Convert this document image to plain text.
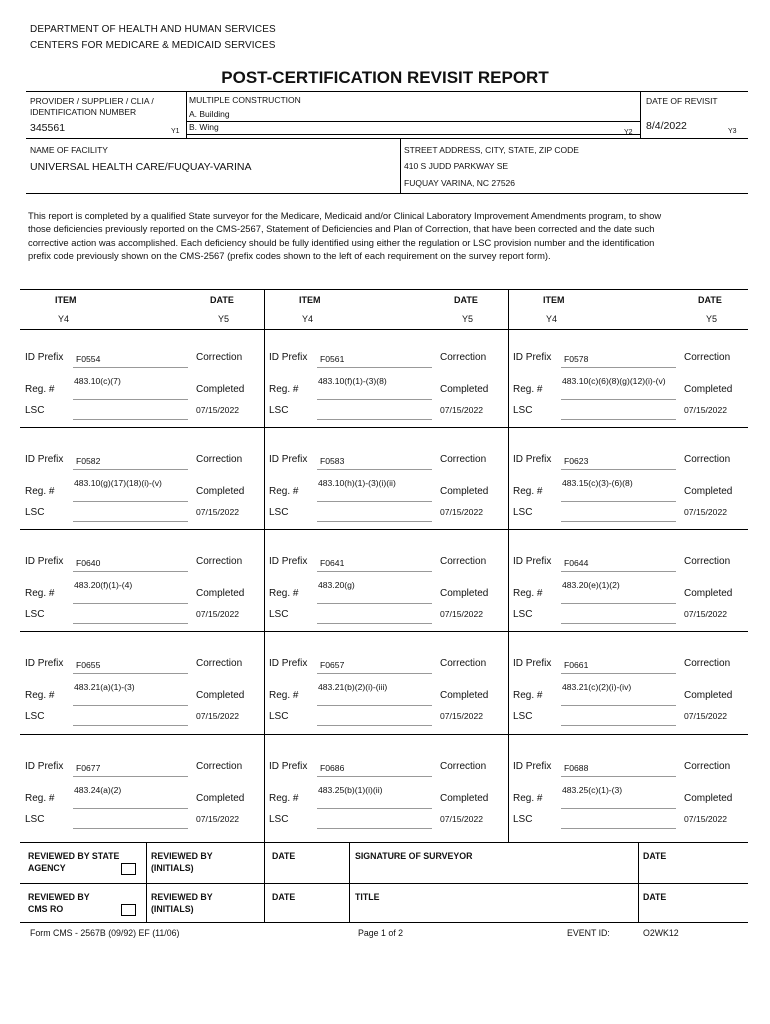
DEPARTMENT OF HEALTH AND HUMAN SERVICES
CENTERS FOR MEDICARE & MEDICAID SERVICES
POST-CERTIFICATION REVISIT REPORT
PROVIDER / SUPPLIER / CLIA /
IDENTIFICATION NUMBER
345561	Y1
MULTIPLE CONSTRUCTION
A. Building
B. Wing
Y2
DATE OF REVISIT
8/4/2022	Y3
NAME OF FACILITY
UNIVERSAL HEALTH CARE/FUQUAY-VARINA
STREET ADDRESS, CITY, STATE, ZIP CODE
410 S JUDD PARKWAY SE
FUQUAY VARINA, NC 27526
This report is completed by a qualified State surveyor for the Medicare, Medicaid and/or Clinical Laboratory Improvement Amendments program, to show those deficiencies previously reported on the CMS-2567, Statement of Deficiencies and Plan of Correction, that have been corrected and the date such corrective action was accomplished. Each deficiency should be fully identified using either the regulation or LSC provision number and the identification prefix code previously shown on the CMS-2567 (prefix codes shown to the left of each requirement on the survey report form).
ITEM	DATE
Y4	Y5
ITEM	DATE
Y4	Y5
ITEM	DATE
Y4	Y5
ID Prefix F0554	Correction
483.10(c)(7)
Reg. #	Completed
LSC	07/15/2022
ID Prefix F0561	Correction
483.10(f)(1)-(3)(8)
Reg. #	Completed
LSC	07/15/2022
ID Prefix F0578	Correction
483.10(c)(6)(8)(g)(12)(i)-(v)
Reg. #	Completed
LSC	07/15/2022
ID Prefix F0582	Correction
483.10(g)(17)(18)(i)-(v)
Reg. #	Completed
LSC	07/15/2022
ID Prefix F0583	Correction
483.10(h)(1)-(3)(i)(ii)
Reg. #	Completed
LSC	07/15/2022
ID Prefix F0623	Correction
483.15(c)(3)-(6)(8)
Reg. #	Completed
LSC	07/15/2022
ID Prefix F0640	Correction
483.20(f)(1)-(4)
Reg. #	Completed
LSC	07/15/2022
ID Prefix F0641	Correction
483.20(g)
Reg. #	Completed
LSC	07/15/2022
ID Prefix F0644	Correction
483.20(e)(1)(2)
Reg. #	Completed
LSC	07/15/2022
ID Prefix F0655	Correction
483.21(a)(1)-(3)
Reg. #	Completed
LSC	07/15/2022
ID Prefix F0657	Correction
483.21(b)(2)(i)-(iii)
Reg. #	Completed
LSC	07/15/2022
ID Prefix F0661	Correction
483.21(c)(2)(i)-(iv)
Reg. #	Completed
LSC	07/15/2022
ID Prefix F0677	Correction
483.24(a)(2)
Reg. #	Completed
LSC	07/15/2022
ID Prefix F0686	Correction
483.25(b)(1)(i)(ii)
Reg. #	Completed
LSC	07/15/2022
ID Prefix F0688	Correction
483.25(c)(1)-(3)
Reg. #	Completed
LSC	07/15/2022
REVIEWED BY STATE AGENCY
REVIEWED BY (INITIALS)
DATE	SIGNATURE OF SURVEYOR	DATE
REVIEWED BY CMS RO
REVIEWED BY (INITIALS)
DATE	TITLE	DATE
Form CMS - 2567B (09/92) EF (11/06)	Page 1 of 2	EVENT ID:	O2WK12
